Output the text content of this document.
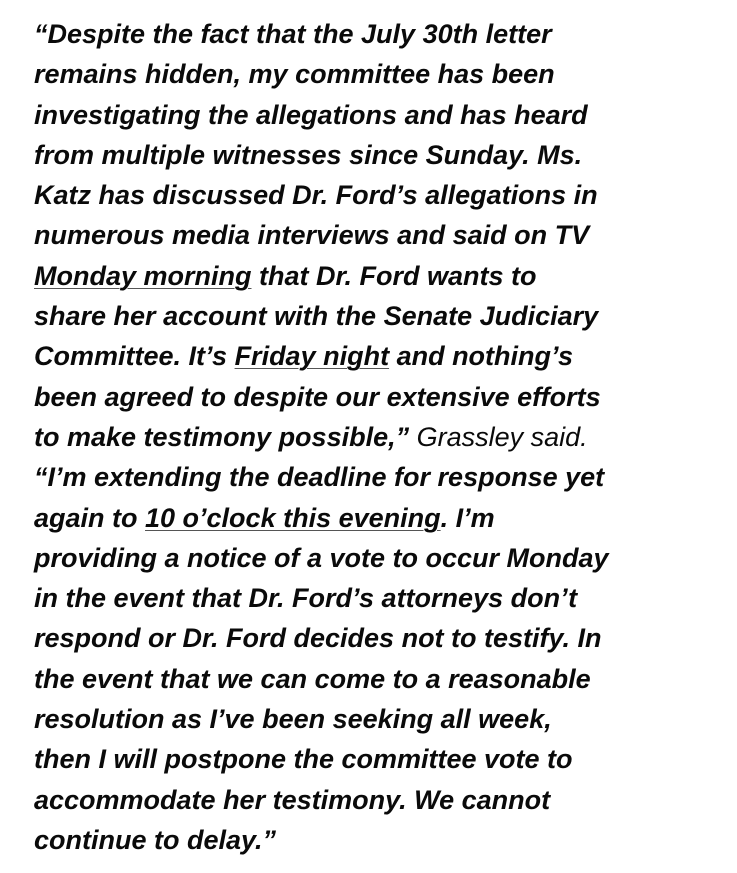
“Despite the fact that the July 30th letter
remains hidden, my committee has been
investigating the allegations and has heard
from multiple witnesses since Sunday. Ms.
Katz has discussed Dr. Ford’s allegations in
numerous media interviews and said on TV
Monday morning that Dr. Ford wants to
share her account with the Senate Judiciary
Committee. It’s Friday night and nothing’s
been agreed to despite our extensive efforts
to make testimony possible,” Grassley said.
“I’m extending the deadline for response yet
again to 10 o’clock this evening. I’m
providing a notice of a vote to occur Monday
in the event that Dr. Ford’s attorneys don’t
respond or Dr. Ford decides not to testify. In
the event that we can come to a reasonable
resolution as I’ve been seeking all week,
then I will postpone the committee vote to
accommodate her testimony. We cannot
continue to delay.”
